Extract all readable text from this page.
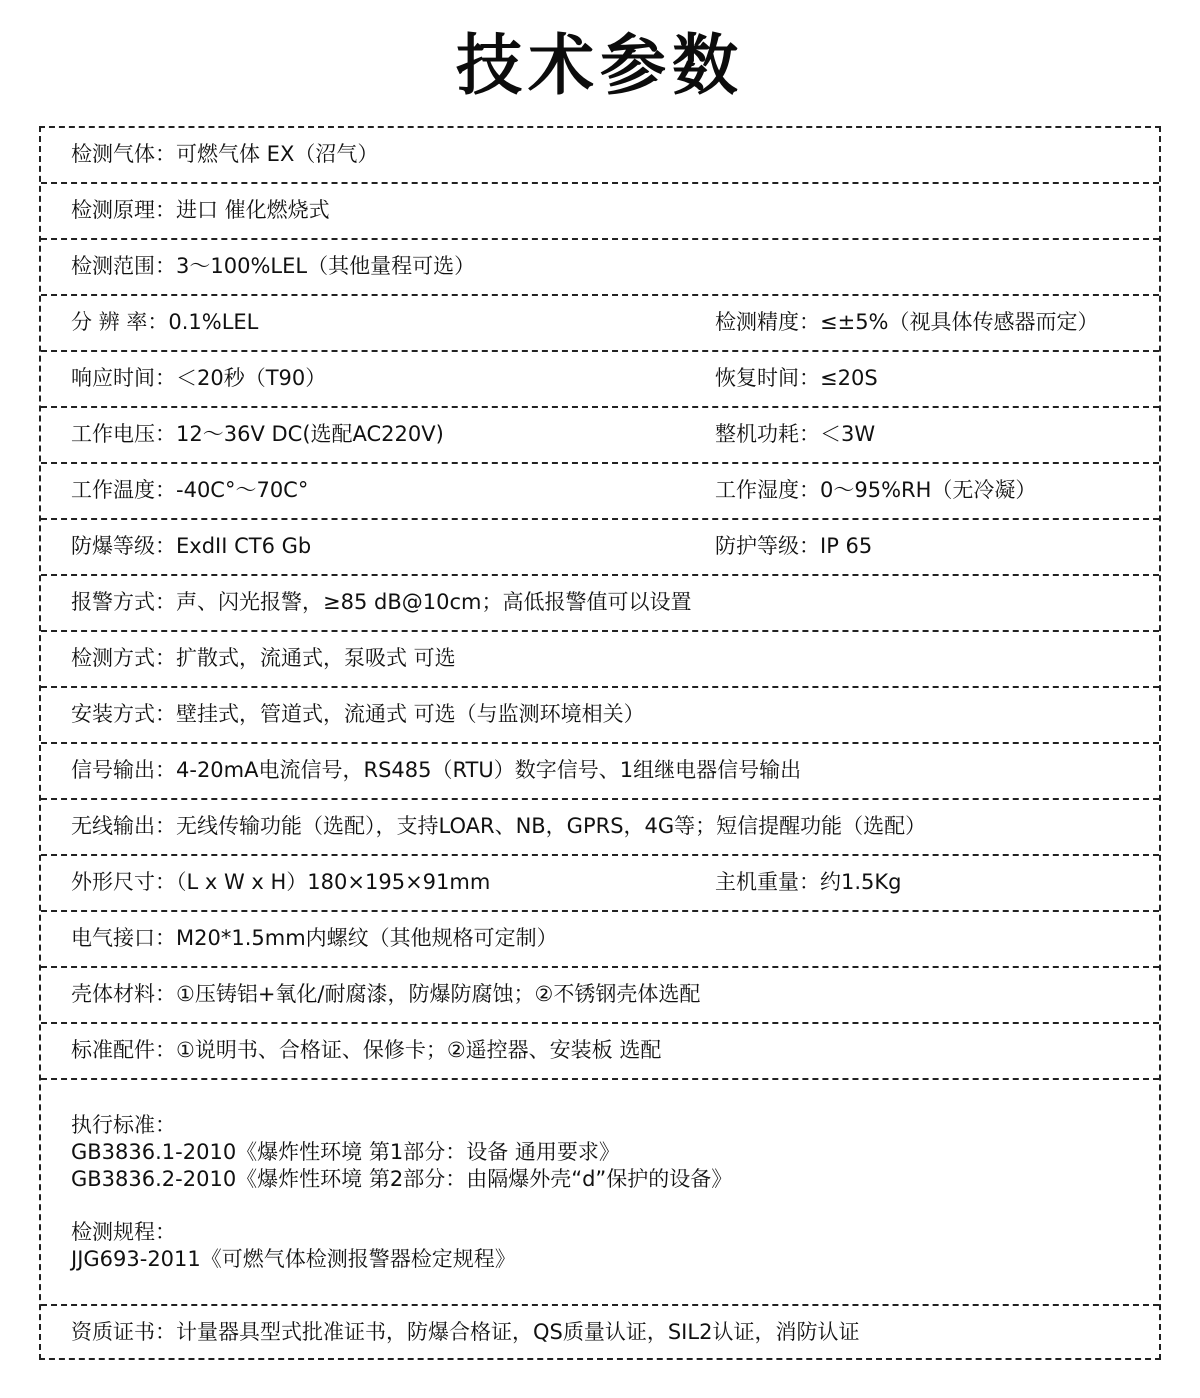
技术参数
检测气体：可燃气体 EX（沼气）
检测原理：进口 催化燃烧式
检测范围：3～100%LEL（其他量程可选）
分 辨 率：0.1%LEL	检测精度：≤±5%（视具体传感器而定）
响应时间：＜20秒（T90）	恢复时间：≤20S
工作电压：12～36V DC(选配AC220V)	整机功耗：＜3W
工作温度：-40C°～70C°	工作湿度：0～95%RH（无冷凝）
防爆等级：ExdII CT6 Gb	防护等级：IP 65
报警方式：声、闪光报警，≥85 dB@10cm；高低报警值可以设置
检测方式：扩散式，流通式，泵吸式 可选
安装方式：壁挂式，管道式，流通式 可选（与监测环境相关）
信号输出：4-20mA电流信号，RS485（RTU）数字信号、1组继电器信号输出
无线输出：无线传输功能（选配），支持LOAR、NB，GPRS，4G等；短信提醒功能（选配）
外形尺寸：（L x W x H）180×195×91mm	主机重量：约1.5Kg
电气接口：M20*1.5mm内螺纹（其他规格可定制）
壳体材料：①压铸铝+氧化/耐腐漆，防爆防腐蚀；②不锈钢壳体选配
标准配件：①说明书、合格证、保修卡；②遥控器、安装板 选配
执行标准：
GB3836.1-2010《爆炸性环境 第1部分：设备 通用要求》
GB3836.2-2010《爆炸性环境 第2部分：由隔爆外壳“d”保护的设备》
检测规程：
JJG693-2011《可燃气体检测报警器检定规程》
资质证书：计量器具型式批准证书，防爆合格证，QS质量认证，SIL2认证，消防认证
